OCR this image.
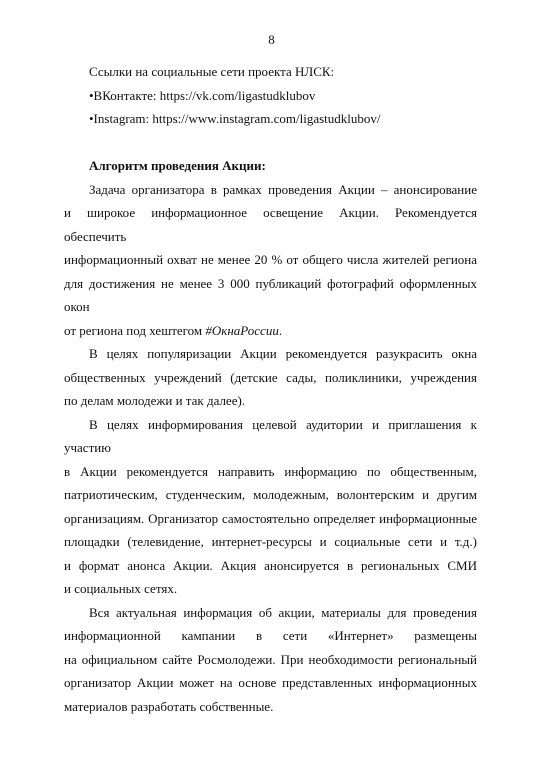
8
Ссылки на социальные сети проекта НЛСК:
•ВКонтакте: https://vk.com/ligastudklubov
•Instagram: https://www.instagram.com/ligastudklubov/
Алгоритм проведения Акции:
Задача организатора в рамках проведения Акции – анонсирование
и широкое информационное освещение Акции. Рекомендуется обеспечить
информационный охват не менее 20 % от общего числа жителей региона
для достижения не менее 3 000 публикаций фотографий оформленных окон
от региона под хештегом #ОкнаРоссии.
В целях популяризации Акции рекомендуется разукрасить окна
общественных учреждений (детские сады, поликлиники, учреждения
по делам молодежи и так далее).
В целях информирования целевой аудитории и приглашения к участию
в Акции рекомендуется направить информацию по общественным,
патриотическим, студенческим, молодежным, волонтерским и другим
организациям. Организатор самостоятельно определяет информационные
площадки (телевидение, интернет-ресурсы и социальные сети и т.д.)
и формат анонса Акции. Акция анонсируется в региональных СМИ
и социальных сетях.
Вся актуальная информация об акции, материалы для проведения
информационной кампании в сети «Интернет» размещены
на официальном сайте Росмолодежи. При необходимости региональный
организатор Акции может на основе представленных информационных
материалов разработать собственные.
